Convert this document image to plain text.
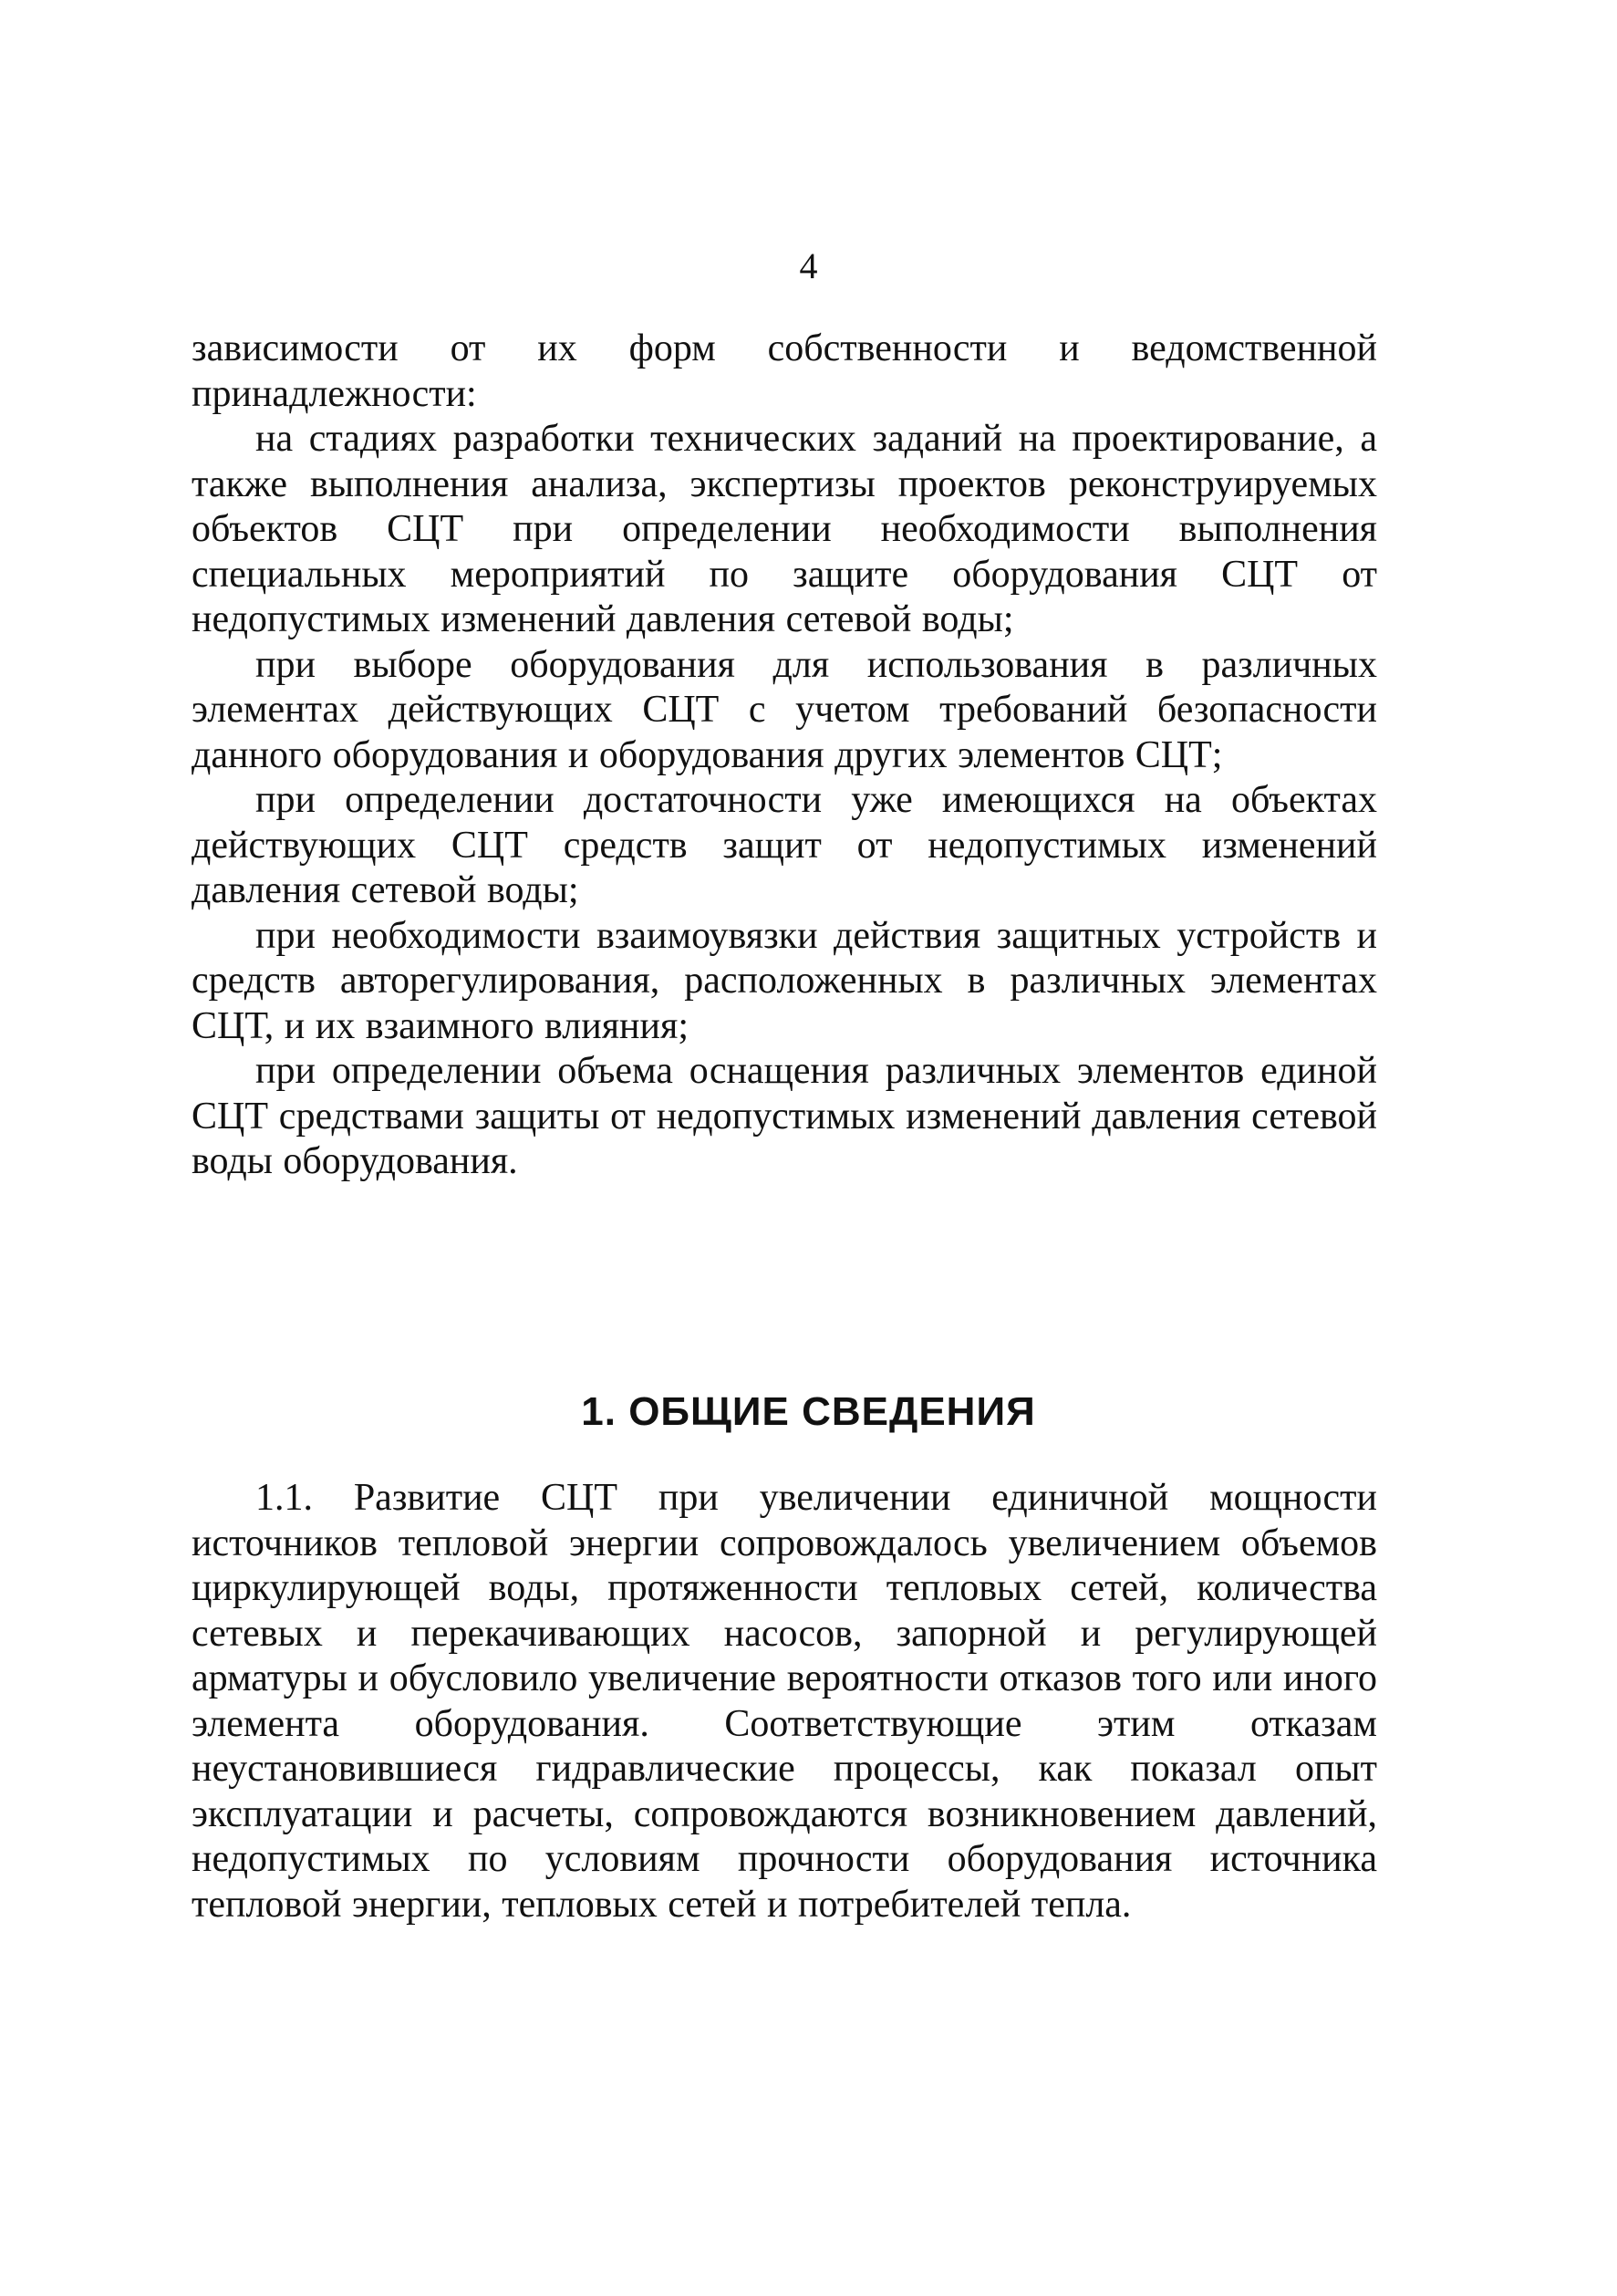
4

зависимости от их форм собственности и ведомственной принадлежности:

на стадиях разработки технических заданий на проектирование, а также выполнения анализа, экспертизы проектов реконструируемых объектов СЦТ при определении необходимости выполнения специальных мероприятий по защите оборудования СЦТ от недопустимых изменений давления сетевой воды;

при выборе оборудования для использования в различных элементах действующих СЦТ с учетом требований безопасности данного оборудования и оборудования других элементов СЦТ;

при определении достаточности уже имеющихся на объектах действующих СЦТ средств защит от недопустимых изменений давления сетевой воды;

при необходимости взаимоувязки действия защитных устройств и средств авторегулирования, расположенных в различных элементах СЦТ, и их взаимного влияния;

при определении объема оснащения различных элементов единой СЦТ средствами защиты от недопустимых изменений давления сетевой воды оборудования.

1. ОБЩИЕ СВЕДЕНИЯ

1.1. Развитие СЦТ при увеличении единичной мощности источников тепловой энергии сопровождалось увеличением объемов циркулирующей воды, протяженности тепловых сетей, количества сетевых и перекачивающих насосов, запорной и регулирующей арматуры и обусловило увеличение вероятности отказов того или иного элемента оборудования. Соответствующие этим отказам неустановившиеся гидравлические процессы, как показал опыт эксплуатации и расчеты, сопровождаются возникновением давлений, недопустимых по условиям прочности оборудования источника тепловой энергии, тепловых сетей и потребителей тепла.
